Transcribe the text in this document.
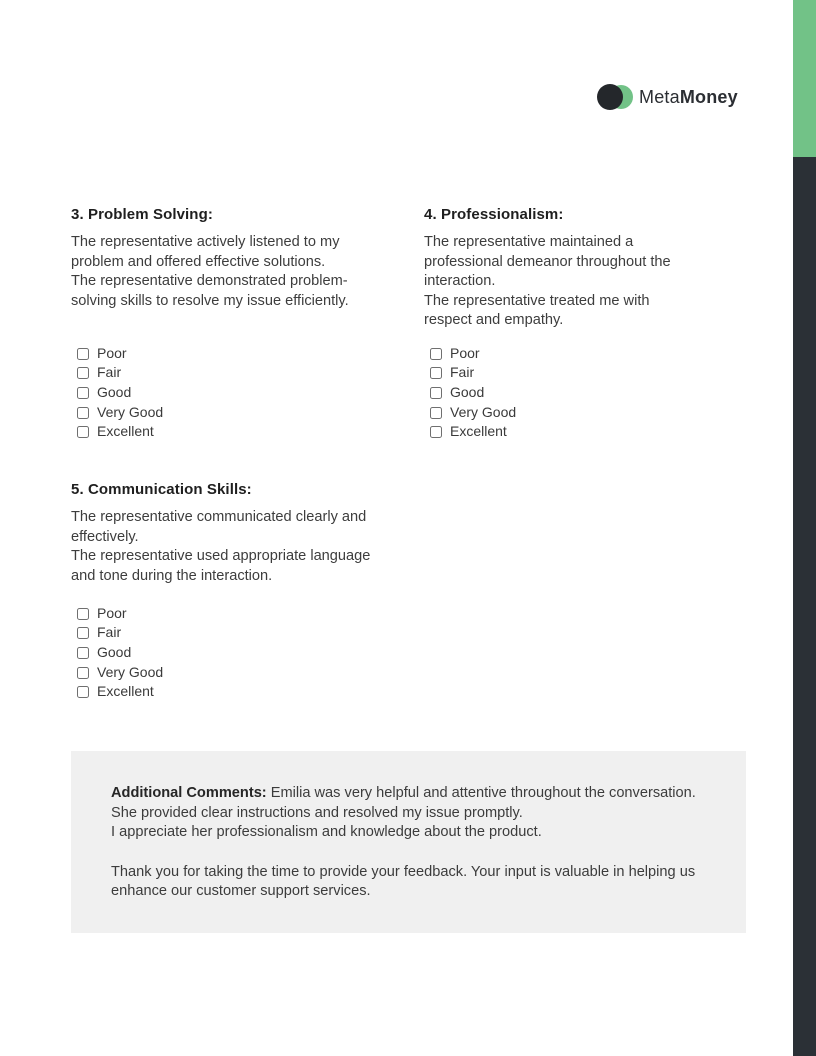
MetaMoney
3. Problem Solving:
The representative actively listened to my problem and offered effective solutions.
The representative demonstrated problem-solving skills to resolve my issue efficiently.
Poor
Fair
Good
Very Good
Excellent
4. Professionalism:
The representative maintained a professional demeanor throughout the interaction.
The representative treated me with respect and empathy.
Poor
Fair
Good
Very Good
Excellent
5. Communication Skills:
The representative communicated clearly and effectively.
The representative used appropriate language and tone during the interaction.
Poor
Fair
Good
Very Good
Excellent

Additional Comments: Emilia was very helpful and attentive throughout the conversation. She provided clear instructions and resolved my issue promptly.
I appreciate her professionalism and knowledge about the product.

Thank you for taking the time to provide your feedback. Your input is valuable in helping us enhance our customer support services.
